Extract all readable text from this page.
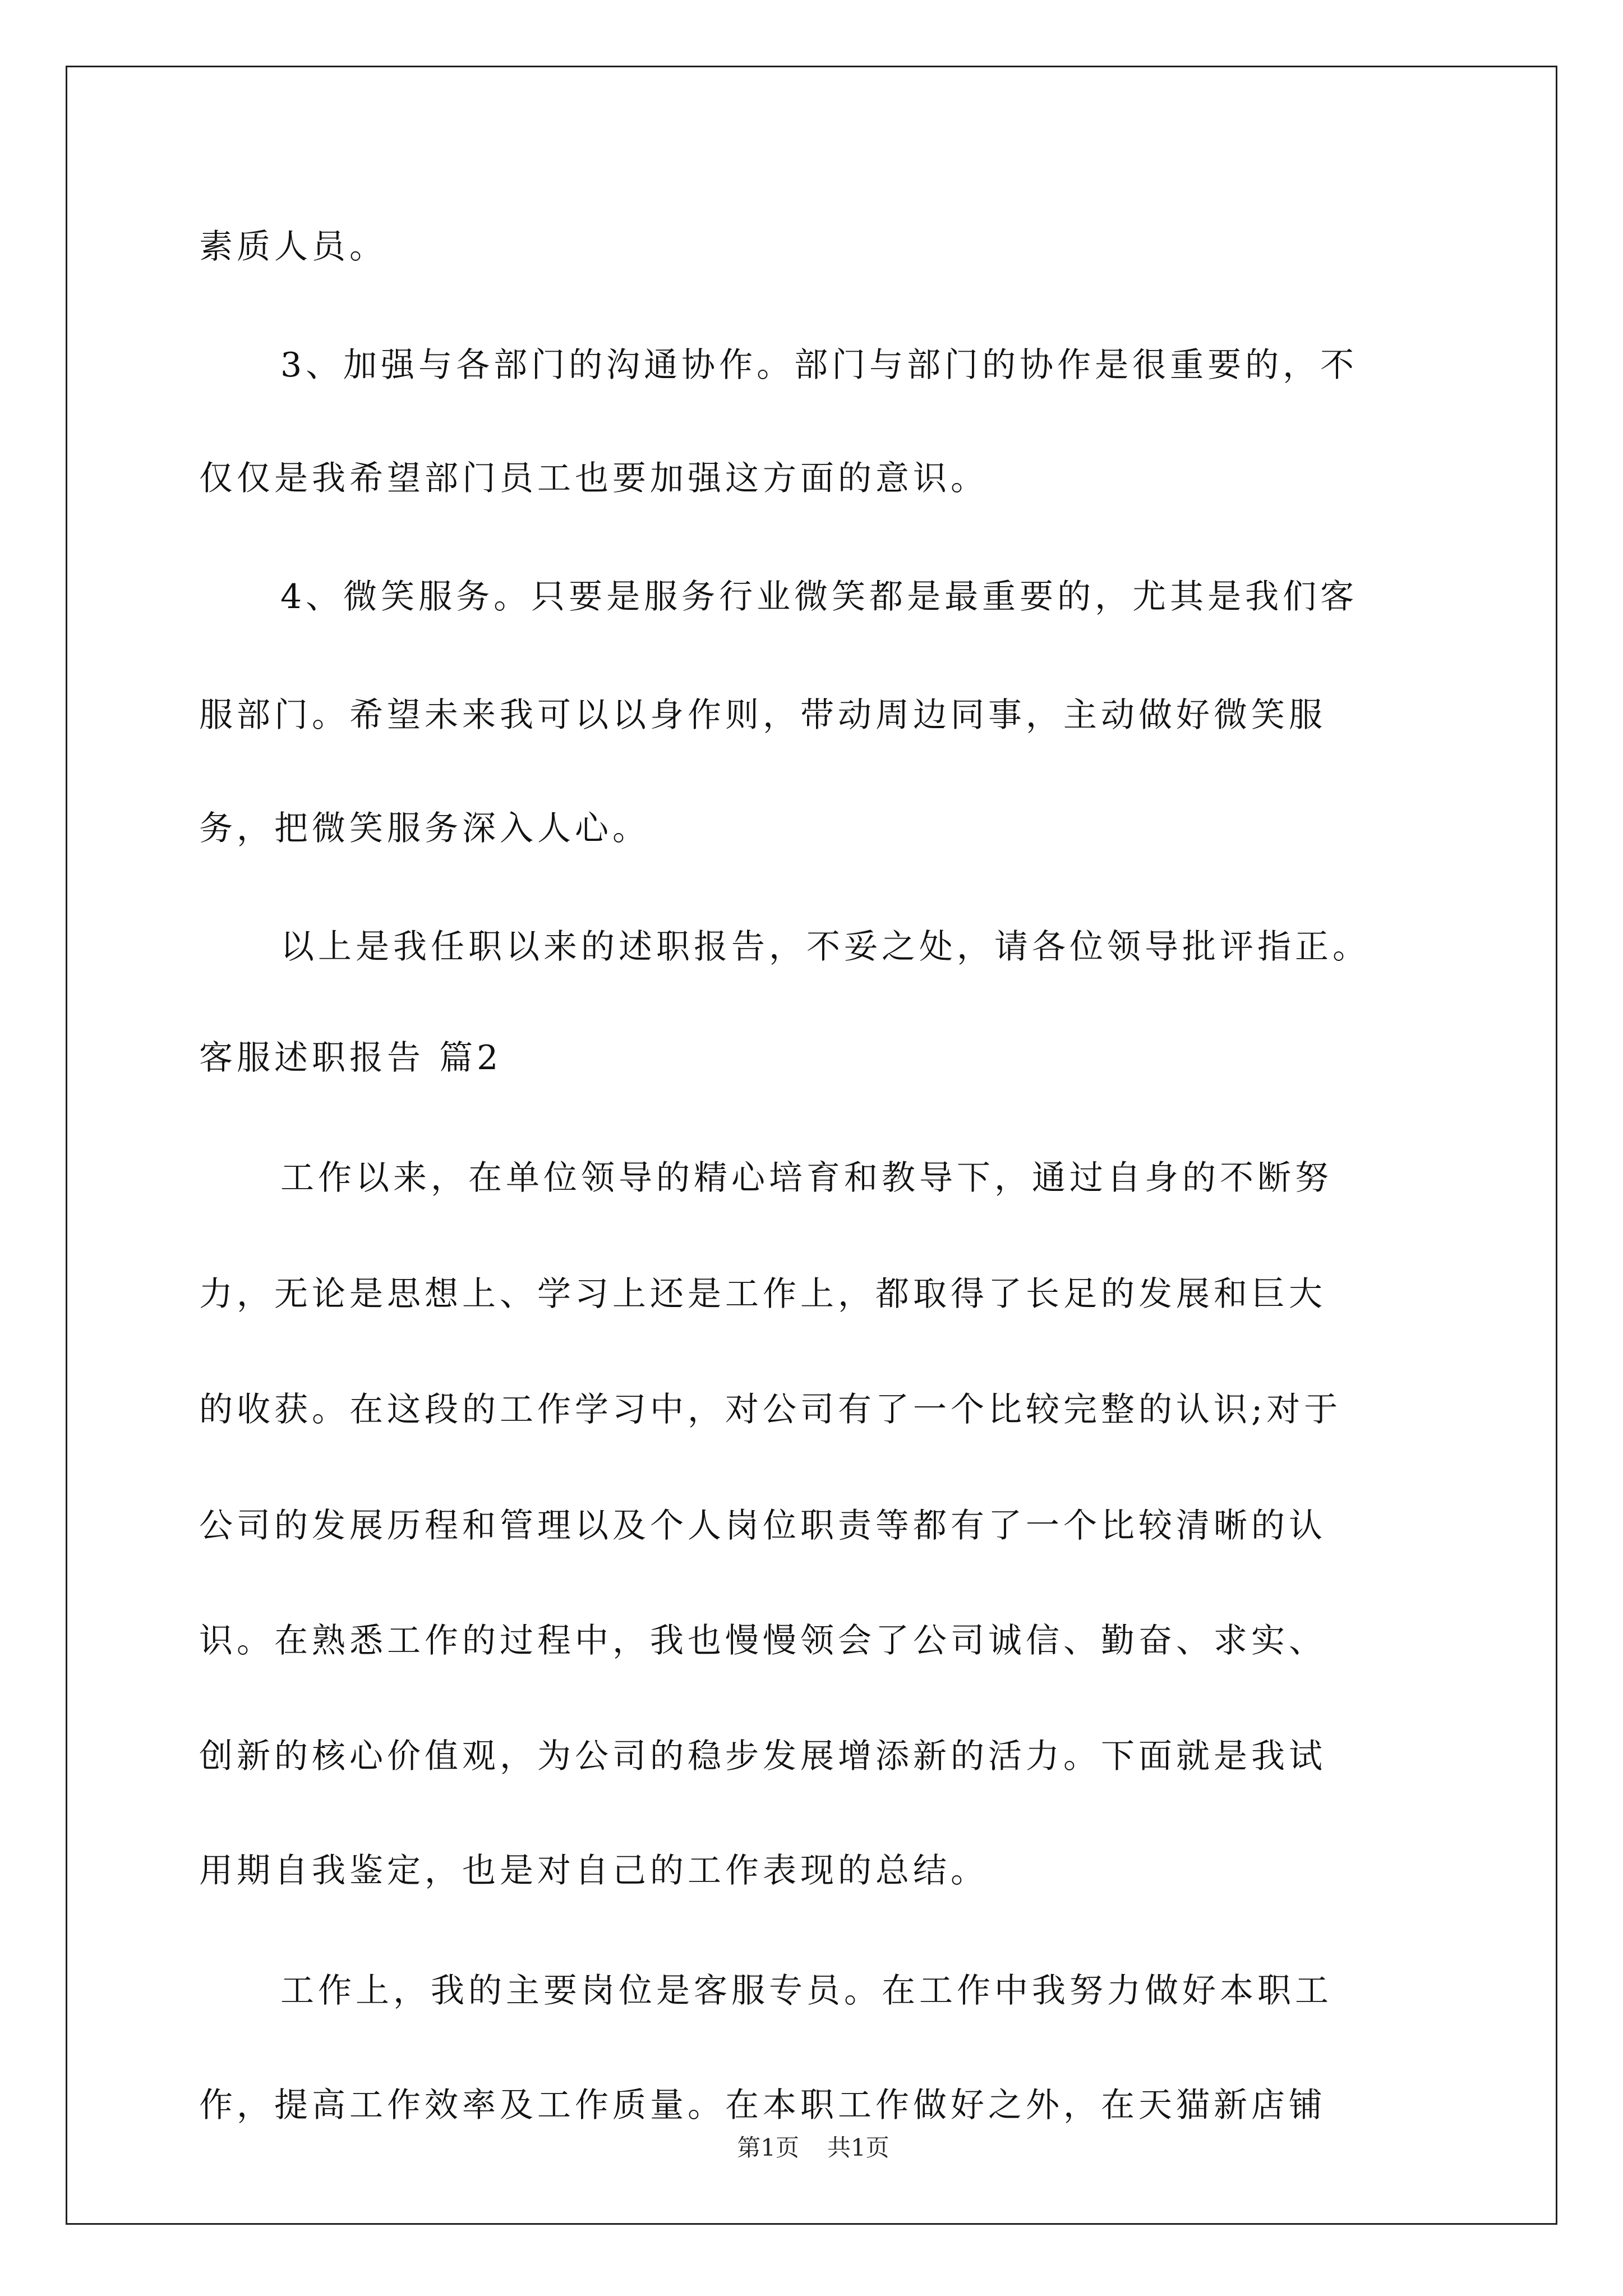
素质人员。
3、加强与各部门的沟通协作。部门与部门的协作是很重要的，不
仅仅是我希望部门员工也要加强这方面的意识。
4、微笑服务。只要是服务行业微笑都是最重要的，尤其是我们客
服部门。希望未来我可以以身作则，带动周边同事，主动做好微笑服
务，把微笑服务深入人心。
以上是我任职以来的述职报告，不妥之处，请各位领导批评指正。
客服述职报告 篇2
工作以来，在单位领导的精心培育和教导下，通过自身的不断努
力，无论是思想上、学习上还是工作上，都取得了长足的发展和巨大
的收获。在这段的工作学习中，对公司有了一个比较完整的认识;对于
公司的发展历程和管理以及个人岗位职责等都有了一个比较清晰的认
识。在熟悉工作的过程中，我也慢慢领会了公司诚信、勤奋、求实、
创新的核心价值观，为公司的稳步发展增添新的活力。下面就是我试
用期自我鉴定，也是对自己的工作表现的总结。
工作上，我的主要岗位是客服专员。在工作中我努力做好本职工
作，提高工作效率及工作质量。在本职工作做好之外，在天猫新店铺
第1页 共1页
